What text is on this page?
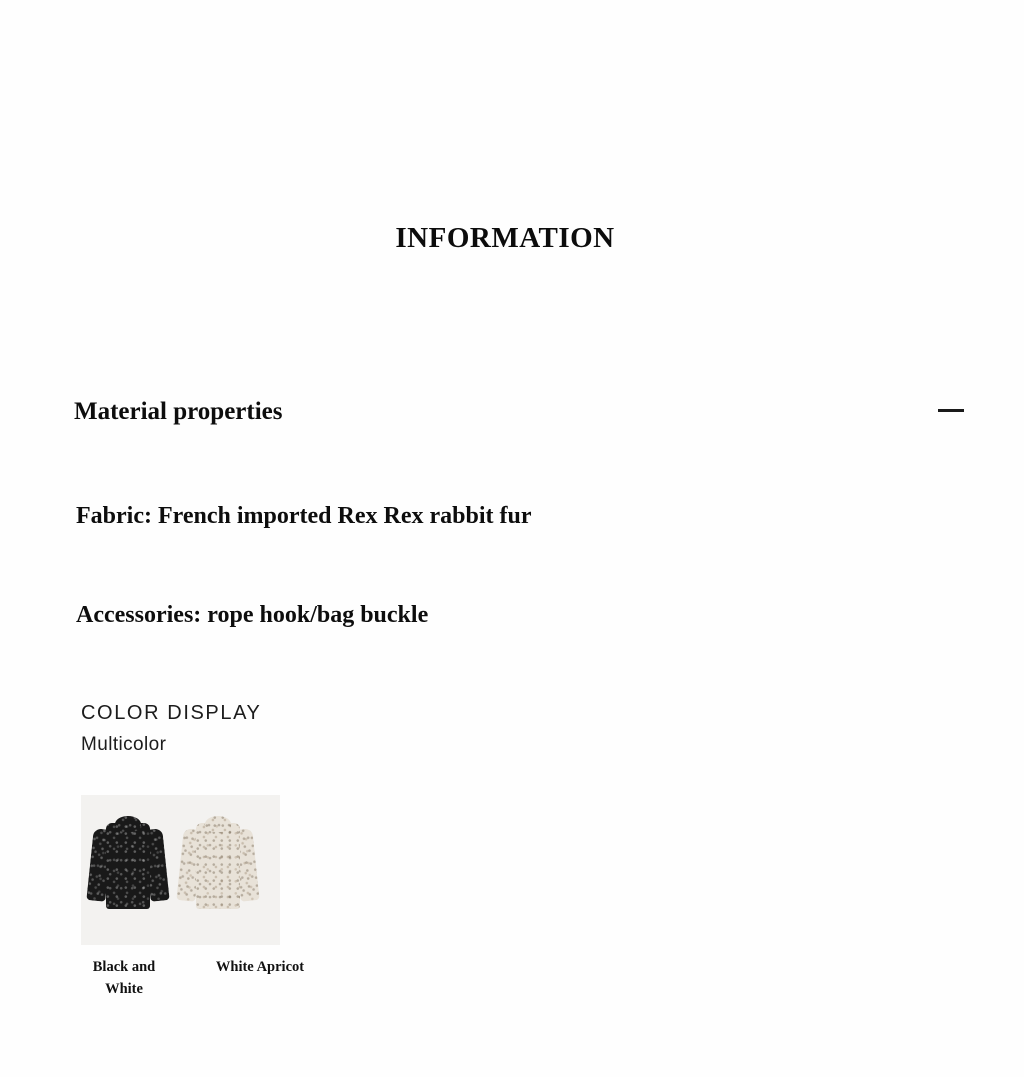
INFORMATION
Material properties
Fabric: French imported Rex Rex rabbit fur
Accessories: rope hook/bag buckle
COLOR DISPLAY
Multicolor
Black and White
White Apricot
